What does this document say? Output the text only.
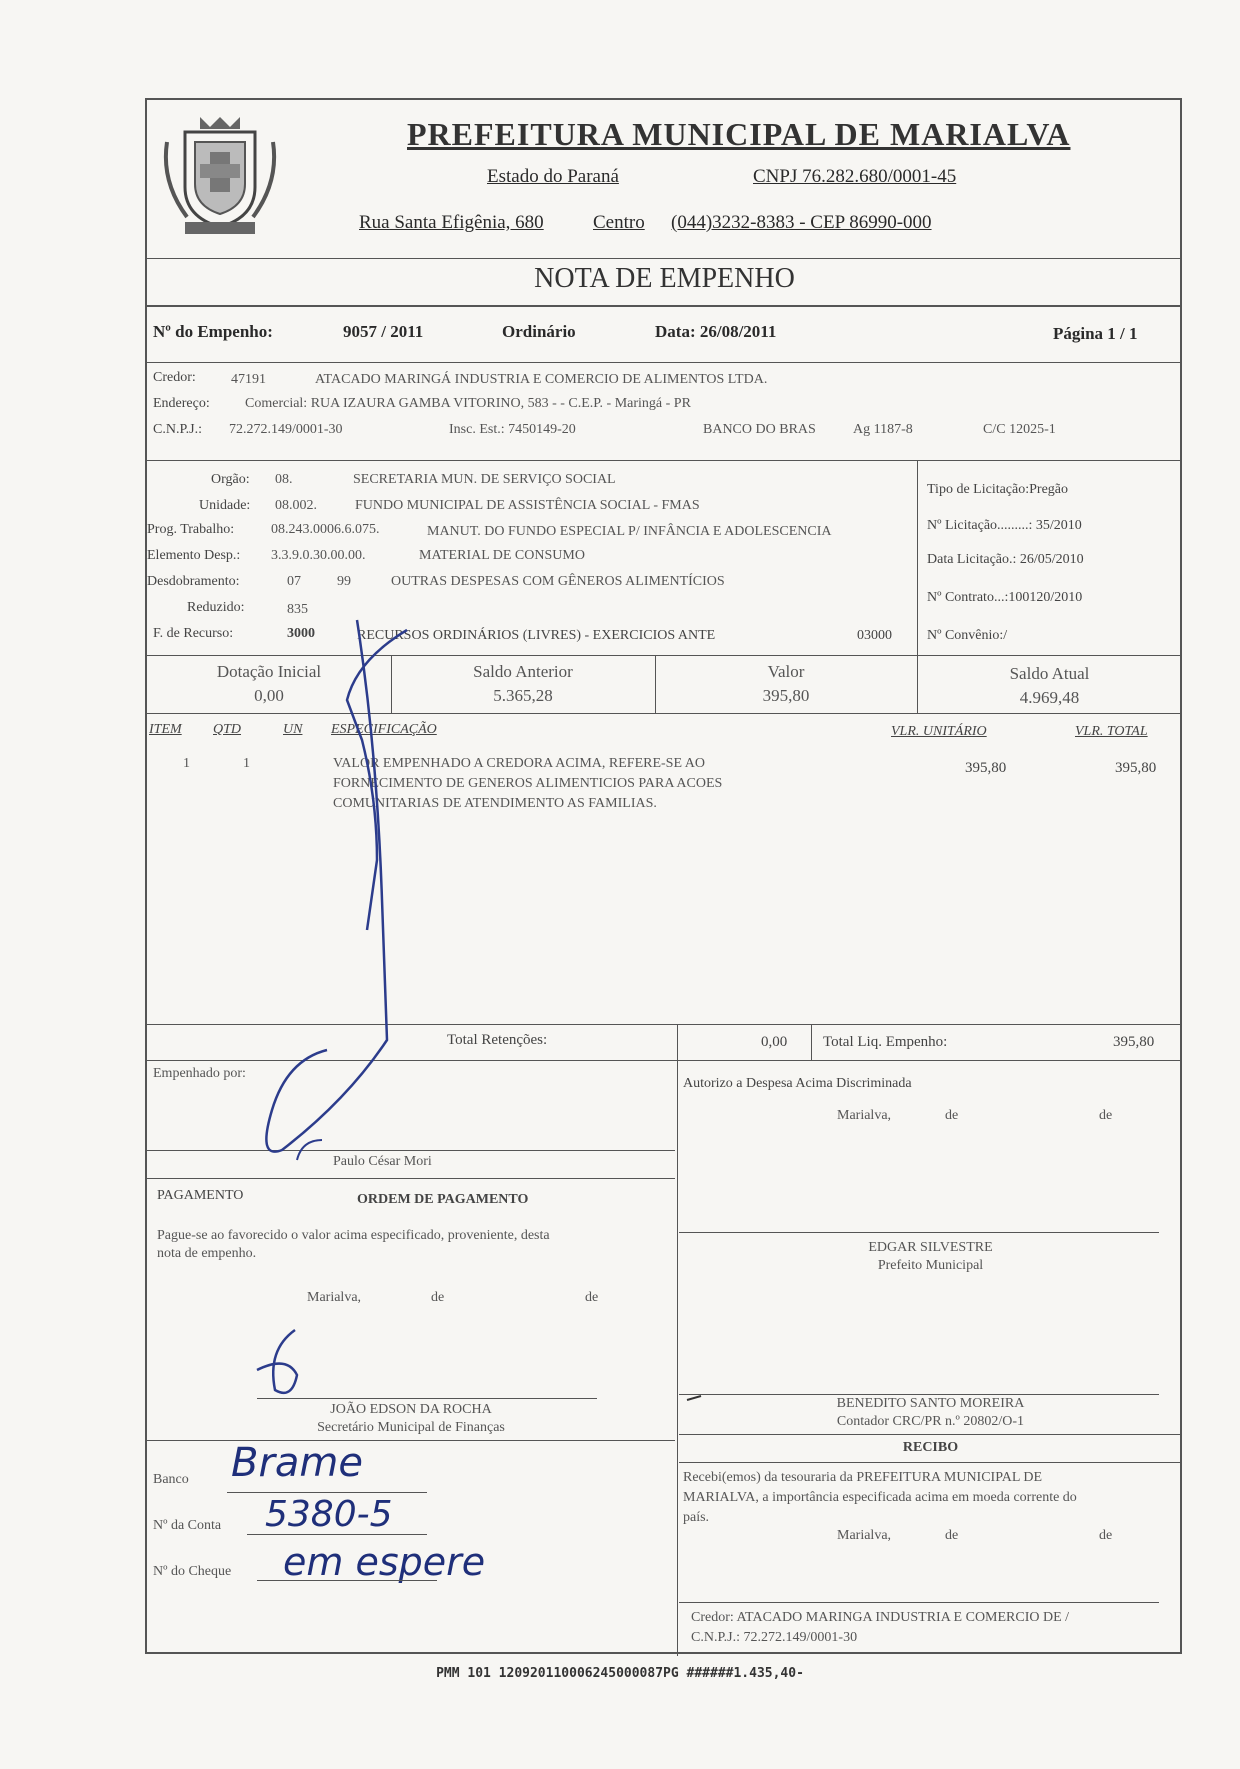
PREFEITURA MUNICIPAL DE MARIALVA
Estado do Paraná	CNPJ 76.282.680/0001-45
Rua Santa Efigênia, 680	Centro (044)3232-8383 - CEP 86990-000
NOTA DE EMPENHO
Nº do Empenho:	9057 / 2011	Ordinário	Data: 26/08/2011	Página 1 / 1
Credor:	47191	ATACADO MARINGÁ INDUSTRIA E COMERCIO DE ALIMENTOS LTDA.
Endereço:	Comercial: RUA IZAURA GAMBA VITORINO, 583 - - C.E.P. - Maringá - PR
C.N.P.J.: 72.272.149/0001-30	Insc. Est.: 7450149-20	BANCO DO BRAS	Ag 1187-8	C/C 12025-1
Orgão: 08.	SECRETARIA MUN. DE SERVIÇO SOCIAL
Unidade: 08.002.	FUNDO MUNICIPAL DE ASSISTÊNCIA SOCIAL - FMAS
Prog. Trabalho:	08.243.0006.6.075.	MANUT. DO FUNDO ESPECIAL P/ INFÂNCIA E ADOLESCENCIA
Elemento Desp.: 3.3.9.0.30.00.00.	MATERIAL DE CONSUMO
Desdobramento:	07	99	OUTRAS DESPESAS COM GÊNEROS ALIMENTÍCIOS
Reduzido:	835
F. de Recurso:	3000	RECURSOS ORDINÁRIOS (LIVRES) - EXERCICIOS ANTE	03000
Tipo de Licitação:Pregão
Nº Licitação.........: 35/2010
Data Licitação.: 26/05/2010
Nº Contrato...:100120/2010
Nº Convênio:/
Dotação Inicial
0,00
Saldo Anterior
5.365,28
Valor
395,80
Saldo Atual
4.969,48
ITEM QTD	UN ESPECIFICAÇÃO	VLR. UNITÁRIO	VLR. TOTAL
1	1	VALOR EMPENHADO A CREDORA ACIMA, REFERE-SE AO
FORNECIMENTO DE GENEROS ALIMENTICIOS PARA ACOES
COMUNITARIAS DE ATENDIMENTO AS FAMILIAS.
395,80	395,80
Total Retenções:	0,00 Total Liq. Empenho:	395,80
Empenhado por:
Paulo César Mori
PAGAMENTO	ORDEM DE PAGAMENTO
Pague-se ao favorecido o valor acima especificado, proveniente, desta
nota de empenho.
Marialva,	de	de
JOÃO EDSON DA ROCHA
Secretário Municipal de Finanças
Banco Brame
Nº da Conta 5380-5
Nº do Cheque em espere
Autorizo a Despesa Acima Discriminada
Marialva,	de	de
EDGAR SILVESTRE
Prefeito Municipal
BENEDITO SANTO MOREIRA
Contador CRC/PR n.º 20802/O-1
RECIBO
Recebi(emos) da tesouraria da PREFEITURA MUNICIPAL DE
MARIALVA, a importância especificada acima em moeda corrente do
país.
Marialva,	de	de
Credor: ATACADO MARINGA INDUSTRIA E COMERCIO DE /
C.N.P.J.: 72.272.149/0001-30
PMM 101 120920110006245000087PG ######1.435,40-
